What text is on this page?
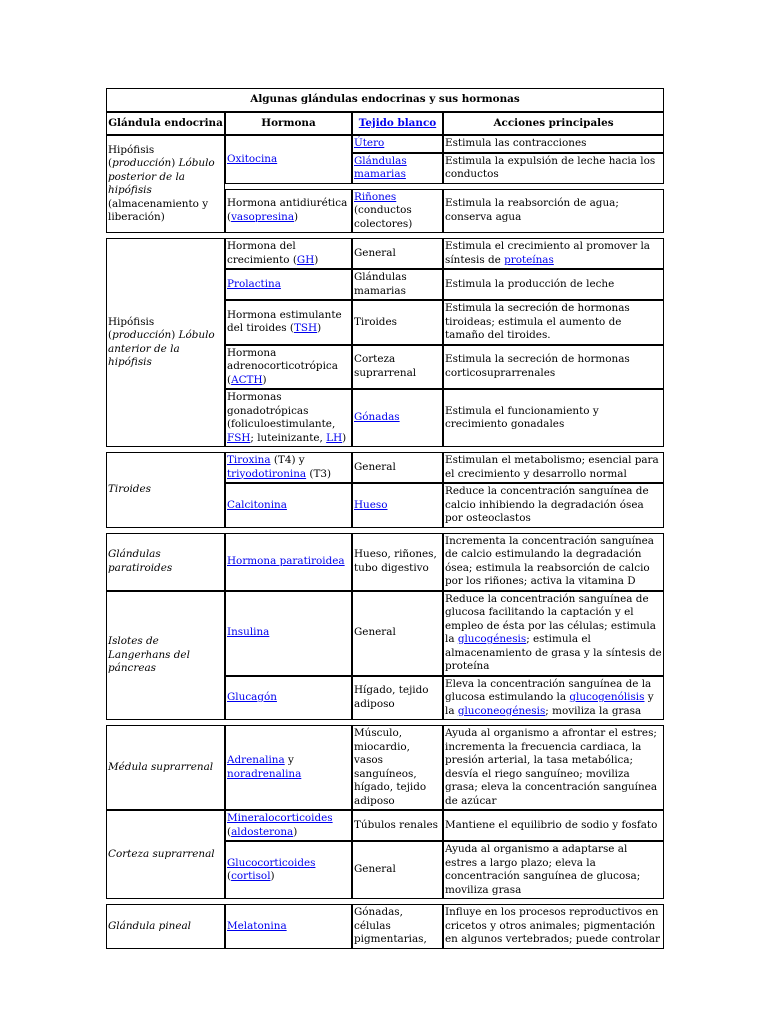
Algunas glándulas endocrinas y sus hormonas			
Glándula endocrina	Hormona	Tejido blanco	Acciones principales
Hipófisis (producción) Lóbulo posterior de la hipófisis (almacenamiento y liberación)	Oxitocina	Útero	Estimula las contracciones
		Glándulas mamarias	Estimula la expulsión de leche hacia los conductos

	Hormona antidiurética (vasopresina)	Riñones (conductos colectores)	Estimula la reabsorción de agua; conserva agua

Hipófisis (producción) Lóbulo anterior de la hipófisis	Hormona del crecimiento (GH)	General	Estimula el crecimiento al promover la síntesis de proteínas
	Prolactina	Glándulas mamarias	Estimula la producción de leche
	Hormona estimulante del tiroides (TSH)	Tiroides	Estimula la secreción de hormonas tiroideas; estimula el aumento de tamaño del tiroides.
	Hormona adrenocorticotrópica (ACTH)	Corteza suprarrenal	Estimula la secreción de hormonas corticosuprarrenales
	Hormonas gonadotrópicas (foliculoestimulante, FSH; luteinizante, LH)	Gónadas	Estimula el funcionamiento y crecimiento gonadales

Tiroides	Tiroxina (T4) y triyodotironina (T3)	General	Estimulan el metabolismo; esencial para el crecimiento y desarrollo normal
	Calcitonina	Hueso	Reduce la concentración sanguínea de calcio inhibiendo la degradación ósea por osteoclastos

Glándulas paratiroides	Hormona paratiroidea	Hueso, riñones, tubo digestivo	Incrementa la concentración sanguínea de calcio estimulando la degradación ósea; estimula la reabsorción de calcio por los riñones; activa la vitamina D
Islotes de Langerhans del páncreas	Insulina	General	Reduce la concentración sanguínea de glucosa facilitando la captación y el empleo de ésta por las células; estimula la glucogénesis; estimula el almacenamiento de grasa y la síntesis de proteína
	Glucagón	Hígado, tejido adiposo	Eleva la concentración sanguínea de la glucosa estimulando la glucogenólisis y la gluconeogénesis; moviliza la grasa

Médula suprarrenal	Adrenalina y noradrenalina	Músculo, miocardio, vasos sanguíneos, hígado, tejido adiposo	Ayuda al organismo a afrontar el estres; incrementa la frecuencia cardiaca, la presión arterial, la tasa metabólica; desvía el riego sanguíneo; moviliza grasa; eleva la concentración sanguínea de azúcar
Corteza suprarrenal	Mineralocorticoides (aldosterona)	Túbulos renales	Mantiene el equilibrio de sodio y fosfato
	Glucocorticoides (cortisol)	General	Ayuda al organismo a adaptarse al estres a largo plazo; eleva la concentración sanguínea de glucosa; moviliza grasa

Glándula pineal	Melatonina	Gónadas, células pigmentarias,	Influye en los procesos reproductivos en cricetos y otros animales; pigmentación en algunos vertebrados; puede controlar
